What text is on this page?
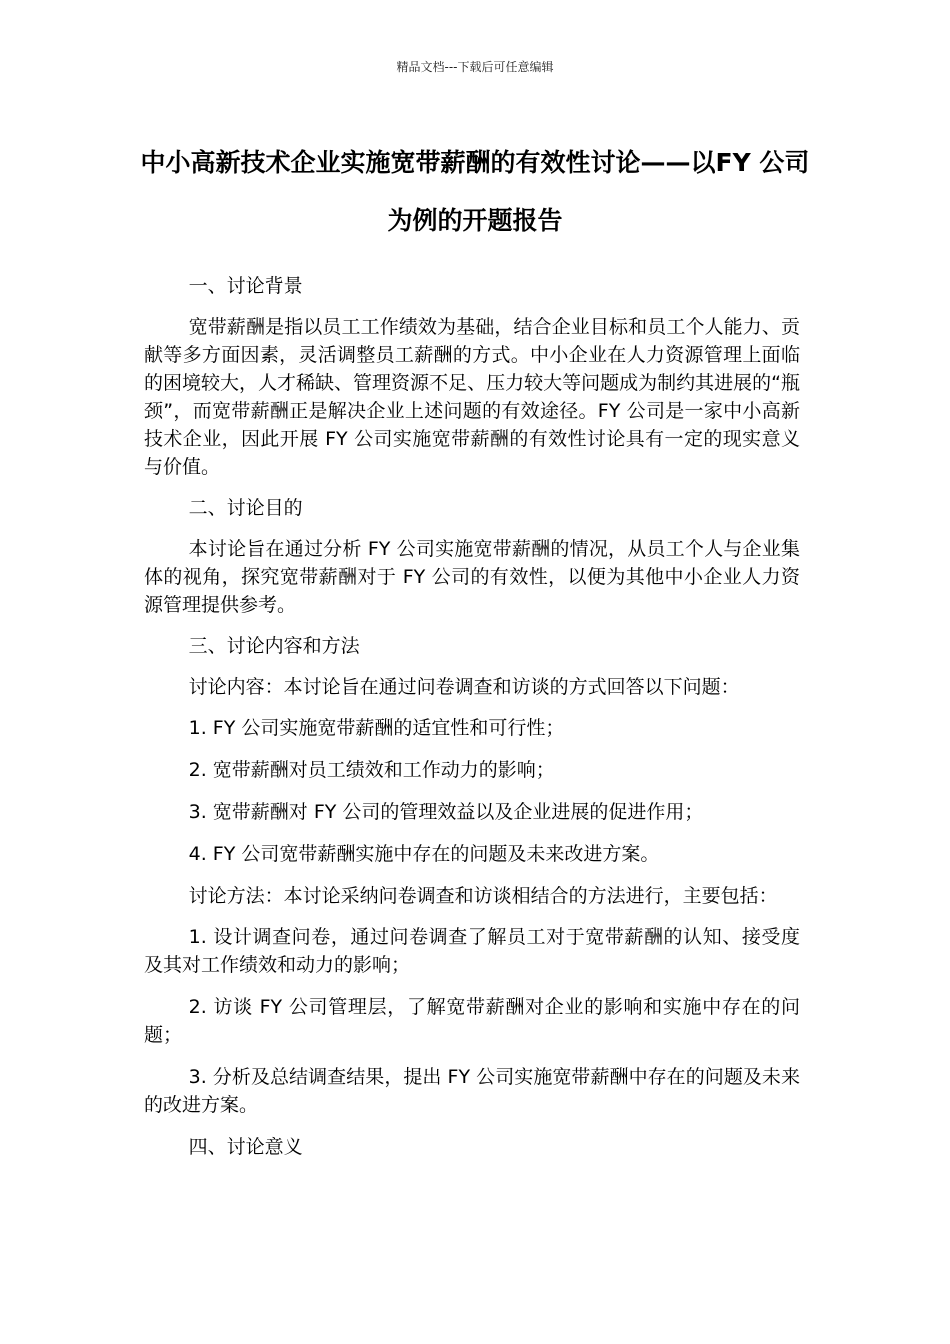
精品文档---下载后可任意编辑
中小高新技术企业实施宽带薪酬的有效性讨论——以FY 公司为例的开题报告

一、讨论背景

宽带薪酬是指以员工工作绩效为基础，结合企业目标和员工个人能力、贡献等多方面因素，灵活调整员工薪酬的方式。中小企业在人力资源管理上面临的困境较大，人才稀缺、管理资源不足、压力较大等问题成为制约其进展的“瓶颈”，而宽带薪酬正是解决企业上述问题的有效途径。FY 公司是一家中小高新技术企业，因此开展 FY 公司实施宽带薪酬的有效性讨论具有一定的现实意义与价值。

二、讨论目的

本讨论旨在通过分析 FY 公司实施宽带薪酬的情况，从员工个人与企业集体的视角，探究宽带薪酬对于 FY 公司的有效性，以便为其他中小企业人力资源管理提供参考。

三、讨论内容和方法

讨论内容：本讨论旨在通过问卷调查和访谈的方式回答以下问题：

1. FY 公司实施宽带薪酬的适宜性和可行性；

2. 宽带薪酬对员工绩效和工作动力的影响；

3. 宽带薪酬对 FY 公司的管理效益以及企业进展的促进作用；

4. FY 公司宽带薪酬实施中存在的问题及未来改进方案。

讨论方法：本讨论采纳问卷调查和访谈相结合的方法进行，主要包括：

1. 设计调查问卷，通过问卷调查了解员工对于宽带薪酬的认知、接受度及其对工作绩效和动力的影响；

2. 访谈 FY 公司管理层，了解宽带薪酬对企业的影响和实施中存在的问题；

3. 分析及总结调查结果，提出 FY 公司实施宽带薪酬中存在的问题及未来的改进方案。

四、讨论意义
